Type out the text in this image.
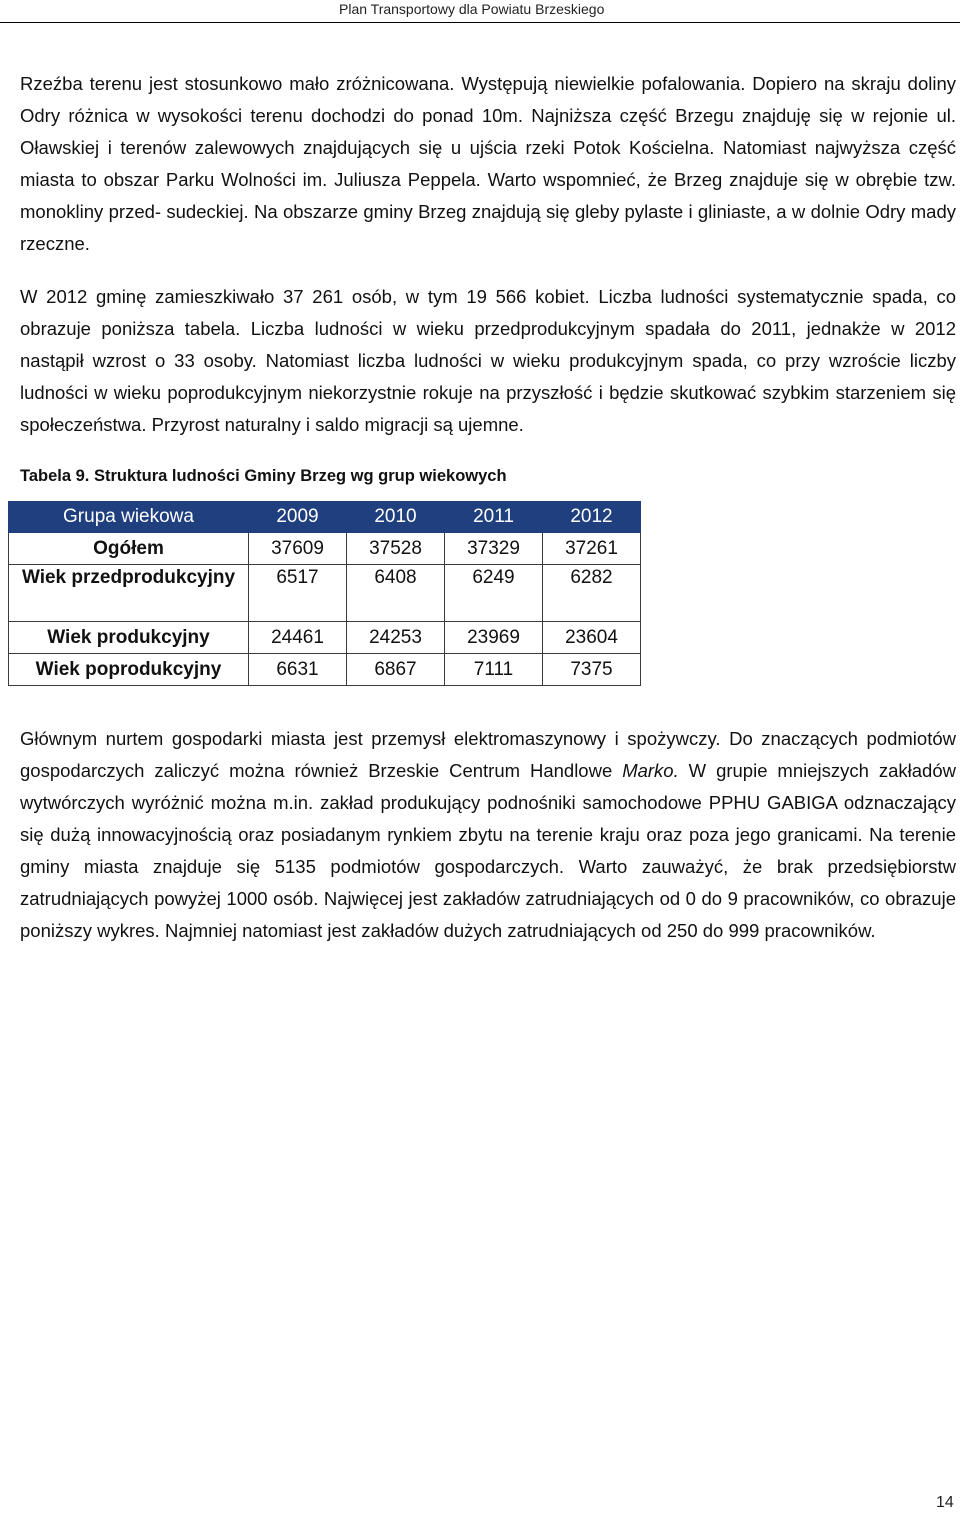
Plan Transportowy dla Powiatu Brzeskiego

Rzeźba terenu jest stosunkowo mało zróżnicowana. Występują niewielkie pofalowania. Dopiero na skraju doliny Odry różnica w wysokości terenu dochodzi do ponad 10m. Najniższa część Brzegu znajduję się w rejonie ul. Oławskiej i terenów zalewowych znajdujących się u ujścia rzeki Potok Kościelna. Natomiast najwyższa część miasta to obszar Parku Wolności im. Juliusza Peppela. Warto wspomnieć, że Brzeg znajduje się w obrębie tzw. monokliny przed- sudeckiej. Na obszarze gminy Brzeg znajdują się gleby pylaste i gliniaste, a w dolnie Odry mady rzeczne.

W 2012 gminę zamieszkiwało 37 261 osób, w tym 19 566 kobiet. Liczba ludności systematycznie spada, co obrazuje poniższa tabela. Liczba ludności w wieku przedprodukcyjnym spadała do 2011, jednakże w 2012 nastąpił wzrost o 33 osoby. Natomiast liczba ludności w wieku produkcyjnym spada, co przy wzroście liczby ludności w wieku poprodukcyjnym niekorzystnie rokuje na przyszłość i będzie skutkować szybkim starzeniem się społeczeństwa. Przyrost naturalny i saldo migracji są ujemne.

Tabela 9. Struktura ludności Gminy Brzeg wg grup wiekowych
Grupa wiekowa	2009	2010	2011	2012
Ogółem	37609	37528	37329	37261
Wiek przedprodukcyjny	6517	6408	6249	6282
Wiek produkcyjny	24461	24253	23969	23604
Wiek poprodukcyjny	6631	6867	7111	7375

Głównym nurtem gospodarki miasta jest przemysł elektromaszynowy i spożywczy. Do znaczących podmiotów gospodarczych zaliczyć można również Brzeskie Centrum Handlowe Marko. W grupie mniejszych zakładów wytwórczych wyróżnić można m.in. zakład produkujący podnośniki samochodowe PPHU GABIGA odznaczający się dużą innowacyjnością oraz posiadanym rynkiem zbytu na terenie kraju oraz poza jego granicami. Na terenie gminy miasta znajduje się 5135 podmiotów gospodarczych. Warto zauważyć, że brak przedsiębiorstw zatrudniających powyżej 1000 osób. Najwięcej jest zakładów zatrudniających od 0 do 9 pracowników, co obrazuje poniższy wykres. Najmniej natomiast jest zakładów dużych zatrudniających od 250 do 999 pracowników.

14
